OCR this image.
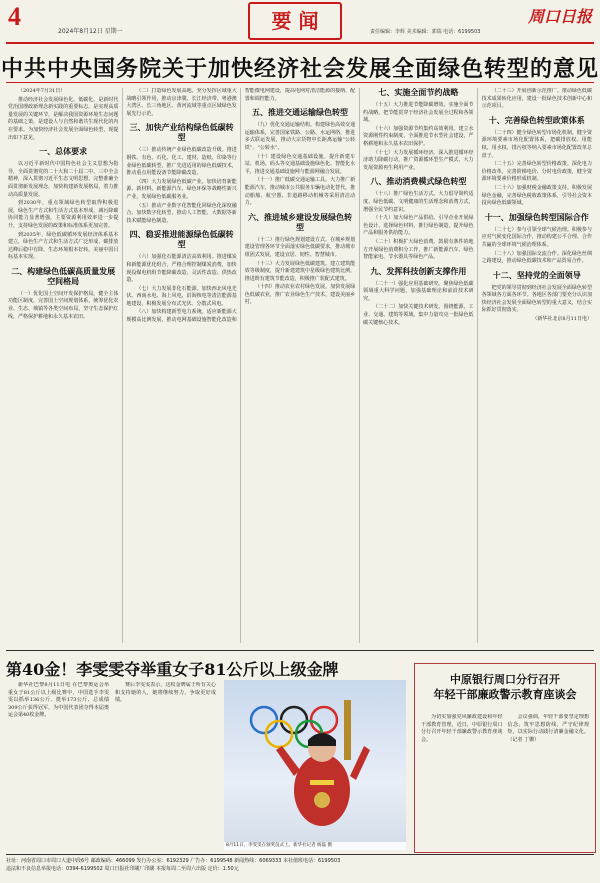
4
2024年8月12日 星期一	要 闻	责任编辑：李辉 美术编辑：郭瑞 电话：6199503
周口日报
中共中央国务院关于加快经济社会发展全面绿色转型的意见

（2024年7月31日）

推动经济社会发展绿色化、低碳化，是新时代党治国理政新理念新实践的重要标志，是实现高质量发展的关键环节，是解决我国资源环境生态问题的基础之策，是建设人与自然和谐共生现代化的内在要求。为加快经济社会发展全面绿色转型，现提出如下意见。

一、总体要求

以习近平新时代中国特色社会主义思想为指导，全面贯彻党的二十大和二十届二中、三中全会精神，深入贯彻习近平生态文明思想，完整准确全面贯彻新发展理念，加快构建新发展格局，着力推动高质量发展。

到2030年，重点领域绿色转型取得积极进展，绿色生产方式和生活方式基本形成，减污降碳协同能力显著增强，主要资源利用效率进一步提升，支持绿色发展的政策和标准体系更加完善。

到2035年，绿色低碳循环发展经济体系基本建立，绿色生产方式和生活方式广泛形成，碳排放达峰后稳中有降，生态环境根本好转，美丽中国目标基本实现。

二、构建绿色低碳高质量发展空间格局

（一）优化国土空间开发保护格局。健全主体功能区制度，完善国土空间规划体系，统筹优化农业、生态、城镇等各类空间布局，坚守生态保护红线，严格保护耕地和永久基本农田。

（二）打造绿色发展高地。充分发挥区域重大战略引领作用，推动京津冀、长江经济带、粤港澳大湾区、长三角地区、黄河流域等重点区域绿色发展先行示范。

三、加快产业结构绿色低碳转型

（三）推动传统产业绿色低碳改造升级。推进钢铁、有色、石化、化工、建材、造纸、印染等行业绿色低碳转型，推广先进适用的绿色低碳技术，推动重点用能设备节能降碳改造。

（四）大力发展绿色低碳产业。加快培育新能源、新材料、新能源汽车、绿色环保等战略性新兴产业，发展绿色低碳服务业。

（五）推动产业数字化智能化同绿色化深度融合。加快数字化转型，推动人工智能、大数据等新技术赋能绿色制造。

四、稳妥推进能源绿色低碳转型

（六）加强化石能源清洁高效利用。推进煤炭和新能源优化组合，严格合理控制煤炭消费，加快现役煤电机组节能降碳改造、灵活性改造、供热改造。

（七）大力发展非化石能源。加快西北风电光伏、西南水电、海上风电、沿海核电等清洁能源基地建设，积极发展分布式光伏、分散式风电。

（八）加快构建新型电力系统。适应新能源大规模高比例发展，推动电网基础设施智能化改造和智能微电网建设，提高电网对清洁能源的接纳、配置和调控能力。

五、推进交通运输绿色转型

（九）优化交通运输结构。构建绿色高效交通运输体系，完善国家铁路、公路、水运网络，推进多式联运发展，推动大宗货物中长距离运输“公转铁”、“公转水”。

（十）建设绿色交通基础设施。提升新建车站、机场、码头等交通基础设施绿色化、智能化水平，推进交通基础设施网与能源网融合发展。

（十一）推广低碳交通运输工具。大力推广新能源汽车，推动城市公共服务车辆电动化替代，推动船舶、航空器、非道路移动机械等采用清洁动力。

六、推进城乡建设发展绿色转型

（十二）推行绿色规划建设方式。在城乡规划建设管理各环节全面落实绿色低碳要求，推动城市组团式发展，建设宜居、韧性、智慧城市。

（十三）大力发展绿色低碳建筑。建立建筑能效等级制度，提升新建建筑中星级绿色建筑比例，推进既有建筑节能改造，积极推广装配式建筑。

（十四）推动农业农村绿色发展。加快发展绿色低碳农业，推广农业绿色生产技术，建设美丽乡村。

七、实施全面节约战略

（十五）大力推进节能降碳增效。实施全面节约战略，把节能贯穿于经济社会发展全过程和各领域。

（十六）加强资源节约集约高效利用。建立水资源刚性约束制度，全面推进节水型社会建设，严格耕地和永久基本农田保护。

（十七）大力发展循环经济。深入推进循环经济助力降碳行动，推广资源循环型生产模式，大力发展资源再生利用产业。

八、推动消费模式绿色转型

（十八）推广绿色生活方式。大力倡导简约适度、绿色低碳、文明健康的生活理念和消费方式，增强全民节约意识。

（十九）加大绿色产品供给。引导企业开展绿色设计、选择绿色材料、推行绿色制造，提升绿色产品和服务供给能力。

（二十）积极扩大绿色消费。鼓励有条件的地方开展绿色消费积分工作，推广新能源汽车、绿色智能家电、节水器具等绿色产品。

九、发挥科技创新支撑作用

（二十一）强化应用基础研究。聚焦绿色低碳领域重大科学问题，加强基础理论和前沿技术研究。

（二十二）加快关键技术研发。围绕能源、工业、交通、建筑等领域，集中力量攻克一批绿色低碳关键核心技术。

（二十三）开展创新示范推广。推动绿色低碳技术成果转化应用，建设一批绿色技术创新中心和示范项目。

十、完善绿色转型政策体系

（二十四）健全绿色转型市场化机制。健全资源环境要素市场化配置体系，把碳排放权、用能权、用水权、排污权等纳入要素市场化配置改革总盘子。

（二十五）完善绿色转型价格政策。深化电力价格改革，完善阶梯电价、分时电价政策，健全资源环境要素价格形成机制。

（二十六）加强财税金融政策支持。积极发展绿色金融，完善绿色税收政策体系，引导社会资本投向绿色低碳领域。

十一、加强绿色转型国际合作

（二十七）参与引领全球气候治理。积极参与应对气候变化国际合作，推动构建公平合理、合作共赢的全球环境气候治理体系。

（二十八）加强国际交流合作。深化绿色丝绸之路建设，推动绿色低碳技术和产品贸易合作。

十二、坚持党的全面领导

把党的领导贯彻到经济社会发展全面绿色转型各领域各方面各环节。各地区各部门要充分认识加快经济社会发展全面绿色转型的重大意义，结合实际抓好贯彻落实。

（新华社北京8月11日电）

第40金！李雯雯夺举重女子81公斤以上级金牌

新华社巴黎8月11日电 在巴黎奥运会举重女子81公斤以上级比赛中，中国选手李雯雯以抓举136公斤、挺举173公斤、总成绩309公斤获得冠军，为中国代表团夺得本届奥运会第40枚金牌。

赛后李雯雯表示，这枚金牌属于所有关心和支持她的人，她将继续努力，争取更好成绩。

8月11日，李雯雯在颁奖仪式上。新华社记者 杨磊 摄
中原银行周口分行召开
年轻干部廉政警示教育座谈会

为切实加强党风廉政建设和年轻干部教育管理，近日，中原银行周口分行召开年轻干部廉政警示教育座谈会。

会议强调，年轻干部要坚定理想信念，筑牢思想防线，严守纪律规矩，以实际行动践行清廉金融文化。（记者 丁姗）

社址：河南省周口市周口大道中段6号 邮政编码：466099 发行办公室：6192329 广告办：6199548 新闻热线：6069333 本社值班电话：6199503
违法和不良信息举报电话：0394-6199502 周口日报社印刷厂印刷 本报每周二至周六出版 定价：1.50元
